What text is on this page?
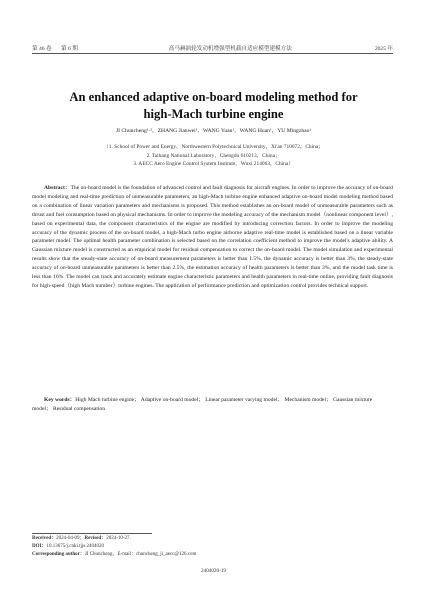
第 46 卷 第 6 期	高马赫涡轮发动机增强型机载自适应模型建模方法	2025 年
An enhanced adaptive on-board modeling method for
high-Mach turbine engine
JI Chuncheng¹·²，ZHANG Jianwei¹，WANG Yuan¹，WANG Huan¹，YU Mingzhao¹
（1. School of Power and Energy，Northwestern Polytechnical University，Xi'an 710072，China；
2. Taihang National Laboratory，Chengdu 610213，China；
3. AECC Aero Engine Control System Institute，Wuxi 214063，China）
Abstract：The on-board model is the foundation of advanced control and fault diagnosis for aircraft engines. In order to improve the accuracy of on-board model modeling and real-time prediction of unmeasurable parameters, an high-Mach turbine engine enhanced adaptive on-board model modeling method based on a combination of linear variation parameters and mechanisms is proposed. This method establishes an on-board model of unmeasurable parameters such as thrust and fuel consumption based on physical mechanisms. In order to improve the modeling accuracy of the mechanism model（nonlinear component level）, based on experimental data, the component characteristics of the engine are modified by introducing correction factors. In order to improve the modeling accuracy of the dynamic process of the on-board model, a high-Mach turbo engine airborne adaptive real-time model is established based on a linear variable parameter model. The optimal health parameter combination is selected based on the correlation coefficient method to improve the model's adaptive ability. A Gaussian mixture model is constructed as an empirical model for residual compensation to correct the on-board model. The model simulation and experimental results show that the steady-state accuracy of on-board measurement parameters is better than 1.5%, the dynamic accuracy is better than 3%, the steady-state accuracy of on-board unmeasurable parameters is better than 2.5%, the estimation accuracy of health parameters is better than 3%, and the model task time is less than 16%. The model can track and accurately estimate engine characteristic parameters and health parameters in real-time online, providing fault diagnosis for high-speed（high Mach number）turbine engines. The application of performance prediction and optimization control provides technical support.
Key words：High Mach turbine engine； Adaptive on-board model； Linear parameter varying model； Mechanism model； Gaussian mixture model； Residual compensation
Received：2024-04-09；Revised：2024-10-27.
DOI：10.13675/j.cnki.tjjs.2404020
Corresponding author：JI Chuncheng，E-mail：chuncheng_ji_aecc@126.com
2404020-19
